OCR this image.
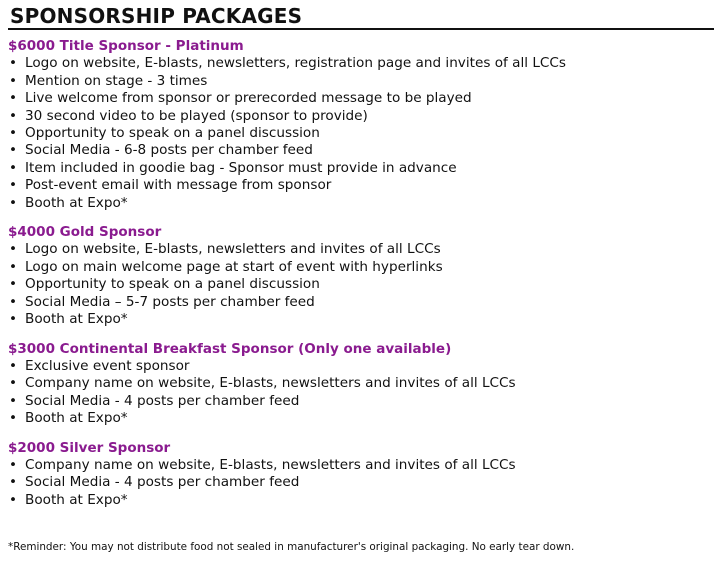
SPONSORSHIP PACKAGES
$6000 Title Sponsor - Platinum
• Logo on website, E-blasts, newsletters, registration page and invites of all LCCs
• Mention on stage - 3 times
• Live welcome from sponsor or prerecorded message to be played
• 30 second video to be played (sponsor to provide)
• Opportunity to speak on a panel discussion
• Social Media - 6-8 posts per chamber feed
• Item included in goodie bag - Sponsor must provide in advance
• Post-event email with message from sponsor
• Booth at Expo*
$4000 Gold Sponsor
• Logo on website, E-blasts, newsletters and invites of all LCCs
• Logo on main welcome page at start of event with hyperlinks
• Opportunity to speak on a panel discussion
• Social Media – 5-7 posts per chamber feed
• Booth at Expo*
$3000 Continental Breakfast Sponsor (Only one available)
• Exclusive event sponsor
• Company name on website, E-blasts, newsletters and invites of all LCCs
• Social Media - 4 posts per chamber feed
• Booth at Expo*
$2000 Silver Sponsor
• Company name on website, E-blasts, newsletters and invites of all LCCs
• Social Media - 4 posts per chamber feed
• Booth at Expo*
*Reminder: You may not distribute food not sealed in manufacturer's original packaging. No early tear down.
